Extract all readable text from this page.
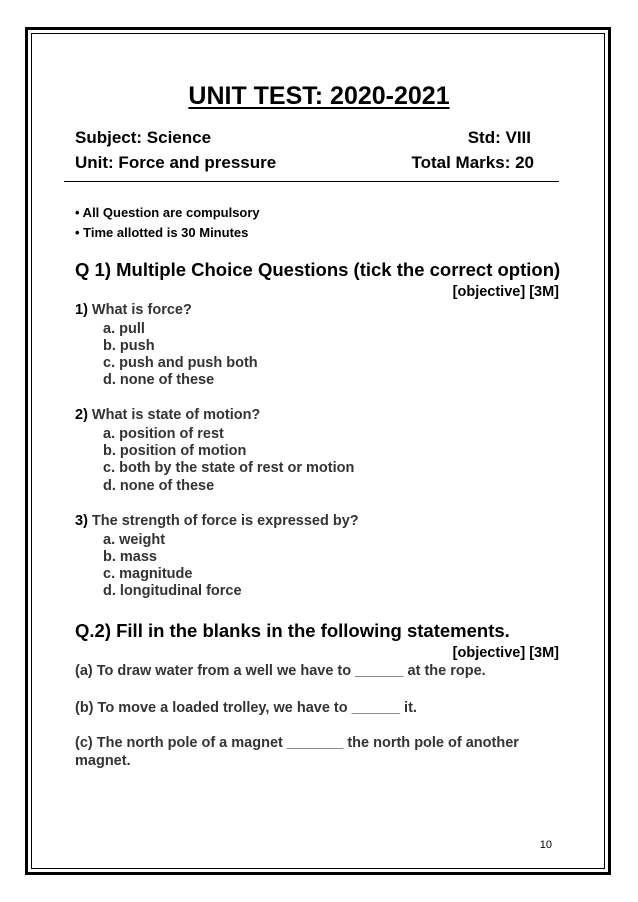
UNIT TEST: 2020-2021
Subject: Science	Std: VIII
Unit: Force and pressure	Total Marks: 20
• All Question are compulsory
• Time allotted is 30 Minutes
Q 1) Multiple Choice Questions (tick the correct option)
[objective] [3M]
1) What is force?
a. pull
b. push
c. push and push both
d. none of these
2) What is state of motion?
a. position of rest
b. position of motion
c. both by the state of rest or motion
d. none of these
3) The strength of force is expressed by?
a. weight
b. mass
c. magnitude
d. longitudinal force
Q.2) Fill in the blanks in the following statements.
[objective] [3M]
(a) To draw water from a well we have to ______ at the rope.
(b) To move a loaded trolley, we have to ______ it.
(c) The north pole of a magnet _______ the north pole of another magnet.
10
